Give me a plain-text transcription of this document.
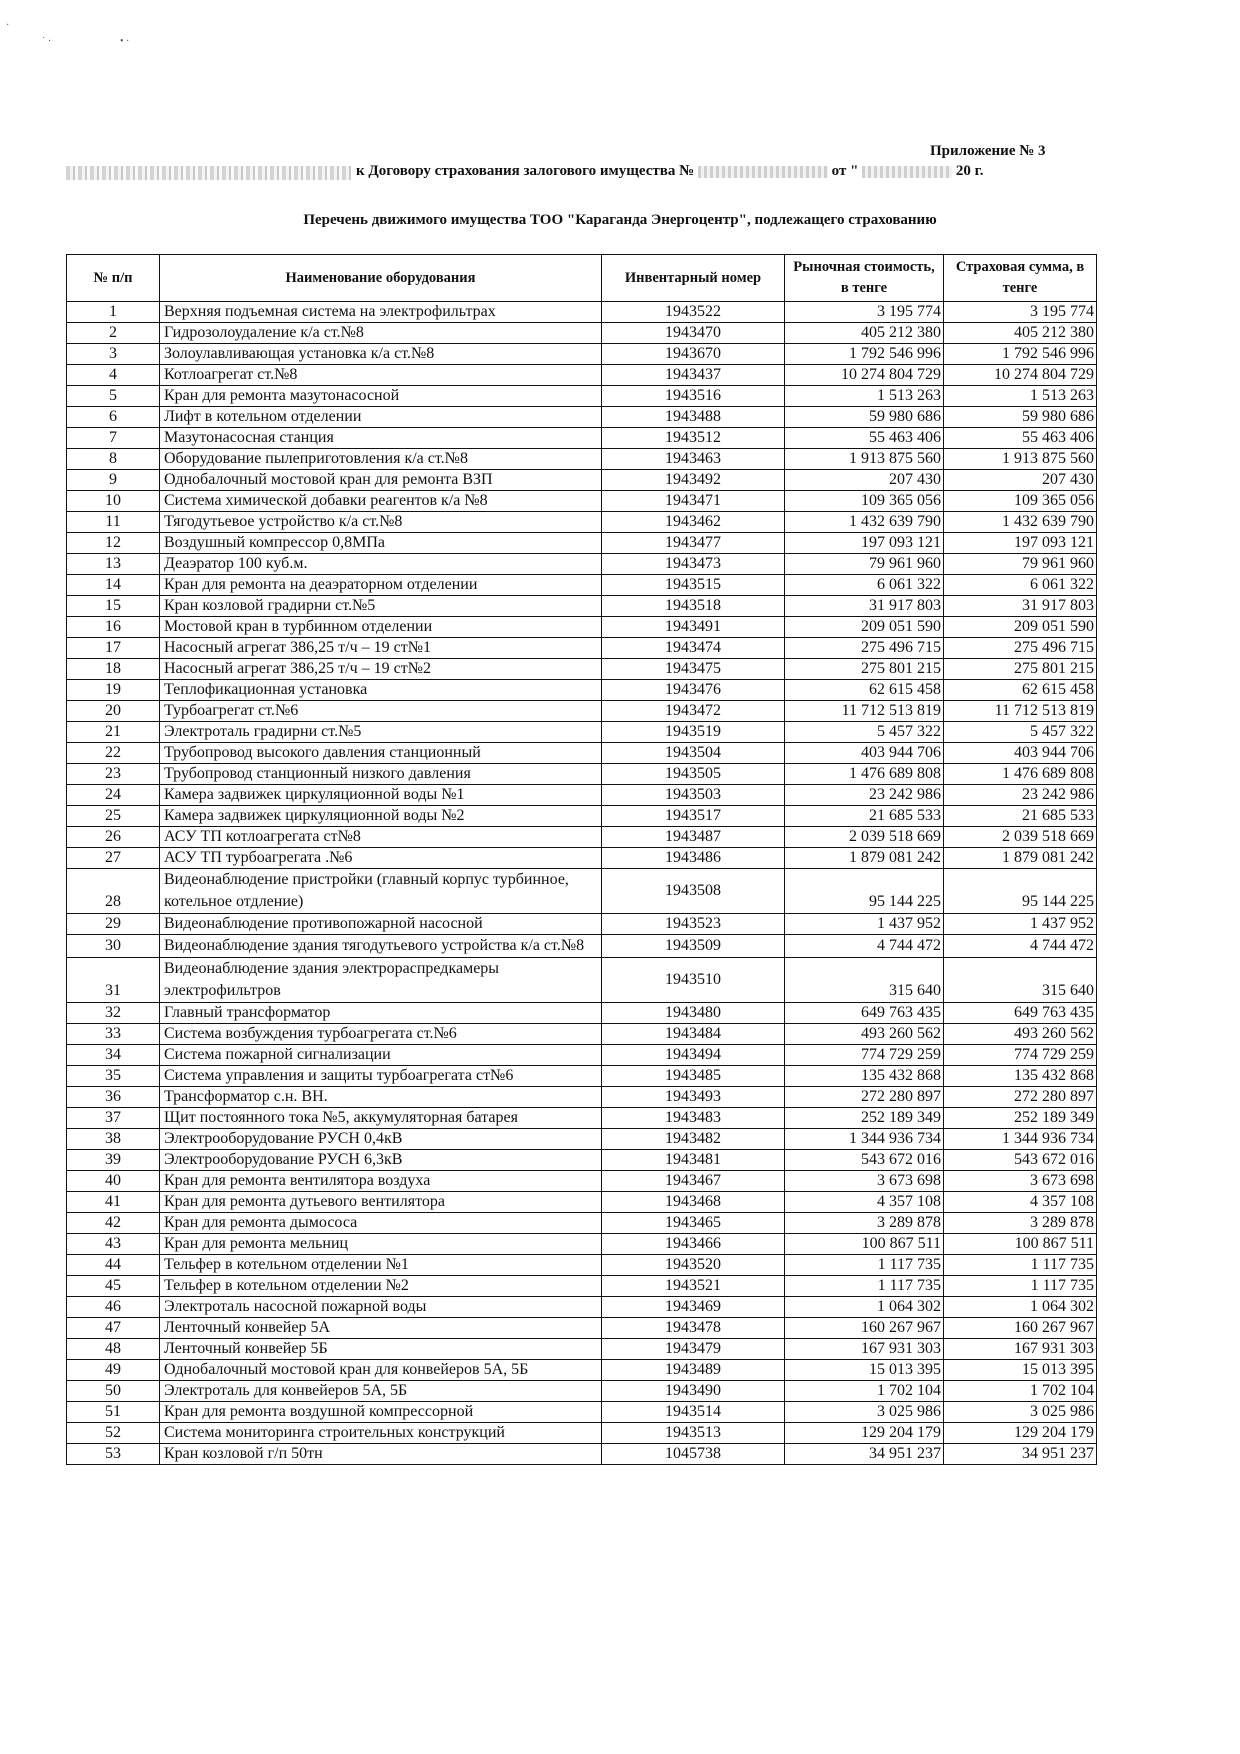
·
˙ ·	• ·
Приложение № 3
к Договору страхования залогового имущества №	от "	20 г.
Перечень движимого имущества ТОО "Караганда Энергоцентр", подлежащего страхованию
№ п/п	Наименование оборудования	Инвентарный номер	Рыночная стоимость, в тенге	Страховая сумма, в тенге
1	Верхняя подъемная система на электрофильтрах	1943522	3 195 774	3 195 774
2	Гидрозолоудаление к/а ст.№8	1943470	405 212 380	405 212 380
3	Золоулавливающая установка к/а ст.№8	1943670	1 792 546 996	1 792 546 996
4	Котлоагрегат ст.№8	1943437	10 274 804 729	10 274 804 729
5	Кран для ремонта мазутонасосной	1943516	1 513 263	1 513 263
6	Лифт в котельном отделении	1943488	59 980 686	59 980 686
7	Мазутонасосная станция	1943512	55 463 406	55 463 406
8	Оборудование пылеприготовления к/а ст.№8	1943463	1 913 875 560	1 913 875 560
9	Однобалочный мостовой кран для ремонта ВЗП	1943492	207 430	207 430
10	Система химической добавки реагентов к/а №8	1943471	109 365 056	109 365 056
11	Тягодутьевое устройство к/а ст.№8	1943462	1 432 639 790	1 432 639 790
12	Воздушный компрессор 0,8МПа	1943477	197 093 121	197 093 121
13	Деаэратор 100 куб.м.	1943473	79 961 960	79 961 960
14	Кран для ремонта на деаэраторном отделении	1943515	6 061 322	6 061 322
15	Кран козловой градирни ст.№5	1943518	31 917 803	31 917 803
16	Мостовой кран в турбинном отделении	1943491	209 051 590	209 051 590
17	Насосный агрегат 386,25 т/ч – 19 ст№1	1943474	275 496 715	275 496 715
18	Насосный агрегат 386,25 т/ч – 19 ст№2	1943475	275 801 215	275 801 215
19	Теплофикационная установка	1943476	62 615 458	62 615 458
20	Турбоагрегат ст.№6	1943472	11 712 513 819	11 712 513 819
21	Электроталь градирни ст.№5	1943519	5 457 322	5 457 322
22	Трубопровод высокого давления станционный	1943504	403 944 706	403 944 706
23	Трубопровод станционный низкого давления	1943505	1 476 689 808	1 476 689 808
24	Камера задвижек циркуляционной воды №1	1943503	23 242 986	23 242 986
25	Камера задвижек циркуляционной воды №2	1943517	21 685 533	21 685 533
26	АСУ ТП котлоагрегата ст№8	1943487	2 039 518 669	2 039 518 669
27	АСУ ТП турбоагрегата .№6	1943486	1 879 081 242	1 879 081 242
28	Видеонаблюдение пристройки (главный корпус турбинное, котельное отдление)	1943508	95 144 225	95 144 225
29	Видеонаблюдение противопожарной насосной	1943523	1 437 952	1 437 952
30	Видеонаблюдение здания тягодутьевого устройства к/а ст.№8	1943509	4 744 472	4 744 472
31	Видеонаблюдение здания электрораспредкамеры электрофильтров	1943510	315 640	315 640
32	Главный трансформатор	1943480	649 763 435	649 763 435
33	Система возбуждения турбоагрегата ст.№6	1943484	493 260 562	493 260 562
34	Система пожарной сигнализации	1943494	774 729 259	774 729 259
35	Система управления и защиты турбоагрегата ст№6	1943485	135 432 868	135 432 868
36	Трансформатор с.н. ВН.	1943493	272 280 897	272 280 897
37	Щит постоянного тока №5, аккумуляторная батарея	1943483	252 189 349	252 189 349
38	Электрооборудование РУСН 0,4кВ	1943482	1 344 936 734	1 344 936 734
39	Электрооборудование РУСН 6,3кВ	1943481	543 672 016	543 672 016
40	Кран для ремонта вентилятора воздуха	1943467	3 673 698	3 673 698
41	Кран для ремонта дутьевого вентилятора	1943468	4 357 108	4 357 108
42	Кран для ремонта дымососа	1943465	3 289 878	3 289 878
43	Кран для ремонта мельниц	1943466	100 867 511	100 867 511
44	Тельфер в котельном отделении №1	1943520	1 117 735	1 117 735
45	Тельфер в котельном отделении №2	1943521	1 117 735	1 117 735
46	Электроталь насосной пожарной воды	1943469	1 064 302	1 064 302
47	Ленточный конвейер 5А	1943478	160 267 967	160 267 967
48	Ленточный конвейер 5Б	1943479	167 931 303	167 931 303
49	Однобалочный мостовой кран для конвейеров 5А, 5Б	1943489	15 013 395	15 013 395
50	Электроталь для конвейеров 5А, 5Б	1943490	1 702 104	1 702 104
51	Кран для ремонта воздушной компрессорной	1943514	3 025 986	3 025 986
52	Система мониторинга строительных конструкций	1943513	129 204 179	129 204 179
53	Кран козловой г/п 50тн	1045738	34 951 237	34 951 237
